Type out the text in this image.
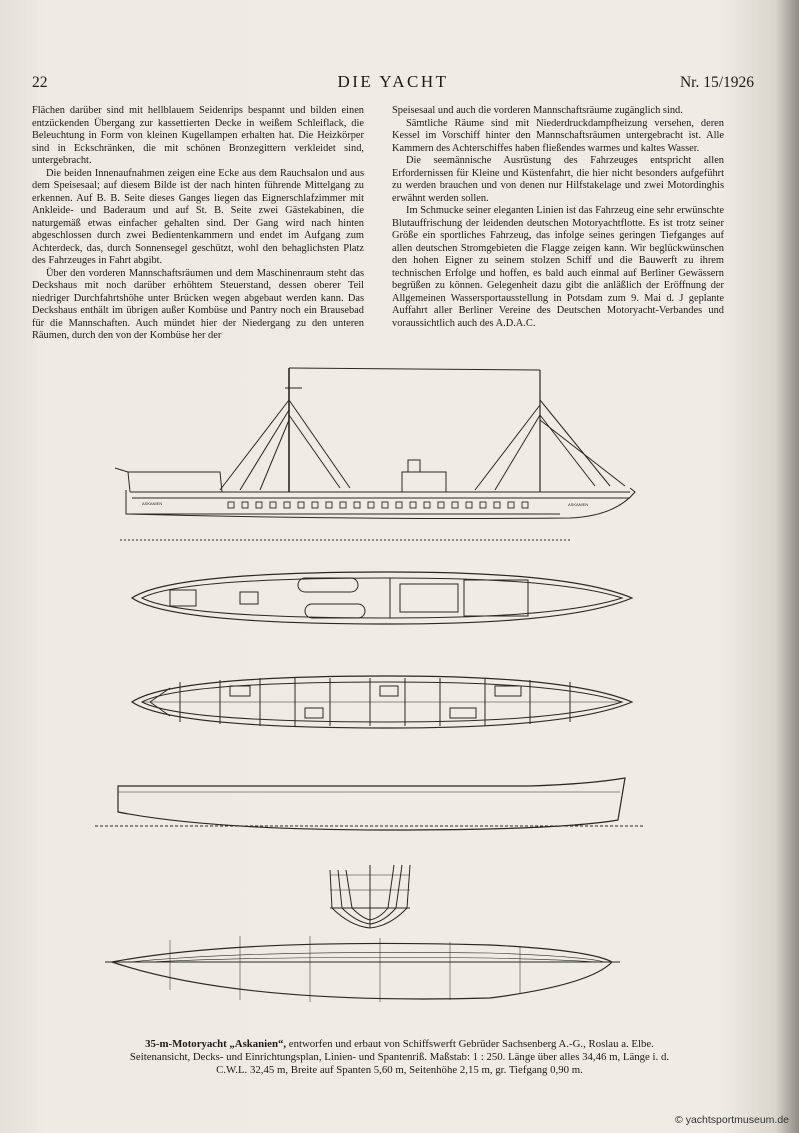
22	DIE YACHT	Nr. 15/1926

Flächen darüber sind mit hellblauem Seidenrips bespannt und bilden einen entzückenden Übergang zur kassettierten Decke in weißem Schleiflack, die Beleuchtung in Form von kleinen Kugellampen erhalten hat. Die Heizkörper sind in Eckschränken, die mit schönen Bronzegittern verkleidet sind, untergebracht.

Die beiden Innenaufnahmen zeigen eine Ecke aus dem Rauchsalon und aus dem Speisesaal; auf diesem Bilde ist der nach hinten führende Mittelgang zu erkennen. Auf B. B. Seite dieses Ganges liegen das Eignerschlafzimmer mit Ankleide- und Baderaum und auf St. B. Seite zwei Gästekabinen, die naturgemäß etwas einfacher gehalten sind. Der Gang wird nach hinten abgeschlossen durch zwei Bedientenkammern und endet im Aufgang zum Achterdeck, das, durch Sonnensegel geschützt, wohl den behaglichsten Platz des Fahrzeuges in Fahrt abgibt.

Über den vorderen Mannschaftsräumen und dem Maschinenraum steht das Deckshaus mit noch darüber erhöhtem Steuerstand, dessen oberer Teil niedriger Durchfahrtshöhe unter Brücken wegen abgebaut werden kann. Das Deckshaus enthält im übrigen außer Kombüse und Pantry noch ein Brausebad für die Mannschaften. Auch mündet hier der Niedergang zu den unteren Räumen, durch den von der Kombüse her der

Speisesaal und auch die vorderen Mannschaftsräume zugänglich sind.

Sämtliche Räume sind mit Niederdruckdampfheizung versehen, deren Kessel im Vorschiff hinter den Mannschaftsräumen untergebracht ist. Alle Kammern des Achterschiffes haben fließendes warmes und kaltes Wasser.

Die seemännische Ausrüstung des Fahrzeuges entspricht allen Erfordernissen für Kleine und Küstenfahrt, die hier nicht besonders aufgeführt zu werden brauchen und von denen nur Hilfstakelage und zwei Motordinghis erwähnt werden sollen.

Im Schmucke seiner eleganten Linien ist das Fahrzeug eine sehr erwünschte Blutauffrischung der leidenden deutschen Motoryachtflotte. Es ist trotz seiner Größe ein sportliches Fahrzeug, das infolge seines geringen Tiefganges auf allen deutschen Stromgebieten die Flagge zeigen kann. Wir beglückwünschen den hohen Eigner zu seinem stolzen Schiff und die Bauwerft zu ihrem technischen Erfolge und hoffen, es bald auch einmal auf Berliner Gewässern begrüßen zu können. Gelegenheit dazu gibt die anläßlich der Eröffnung der Allgemeinen Wassersportausstellung in Potsdam zum 9. Mai d. J geplante Auffahrt aller Berliner Vereine des Deutschen Motoryacht-Verbandes und voraussichtlich auch des A.D.A.C.

ASKANIEN	ASKANIEN
35-m-Motoryacht „Askanien“, entworfen und erbaut von Schiffswerft Gebrüder Sachsenberg A.-G., Roslau a. Elbe.
Seitenansicht, Decks- und Einrichtungsplan, Linien- und Spantenriß. Maßstab: 1 : 250. Länge über alles 34,46 m, Länge i. d.
C.W.L. 32,45 m, Breite auf Spanten 5,60 m, Seitenhöhe 2,15 m, gr. Tiefgang 0,90 m.
© yachtsportmuseum.de
